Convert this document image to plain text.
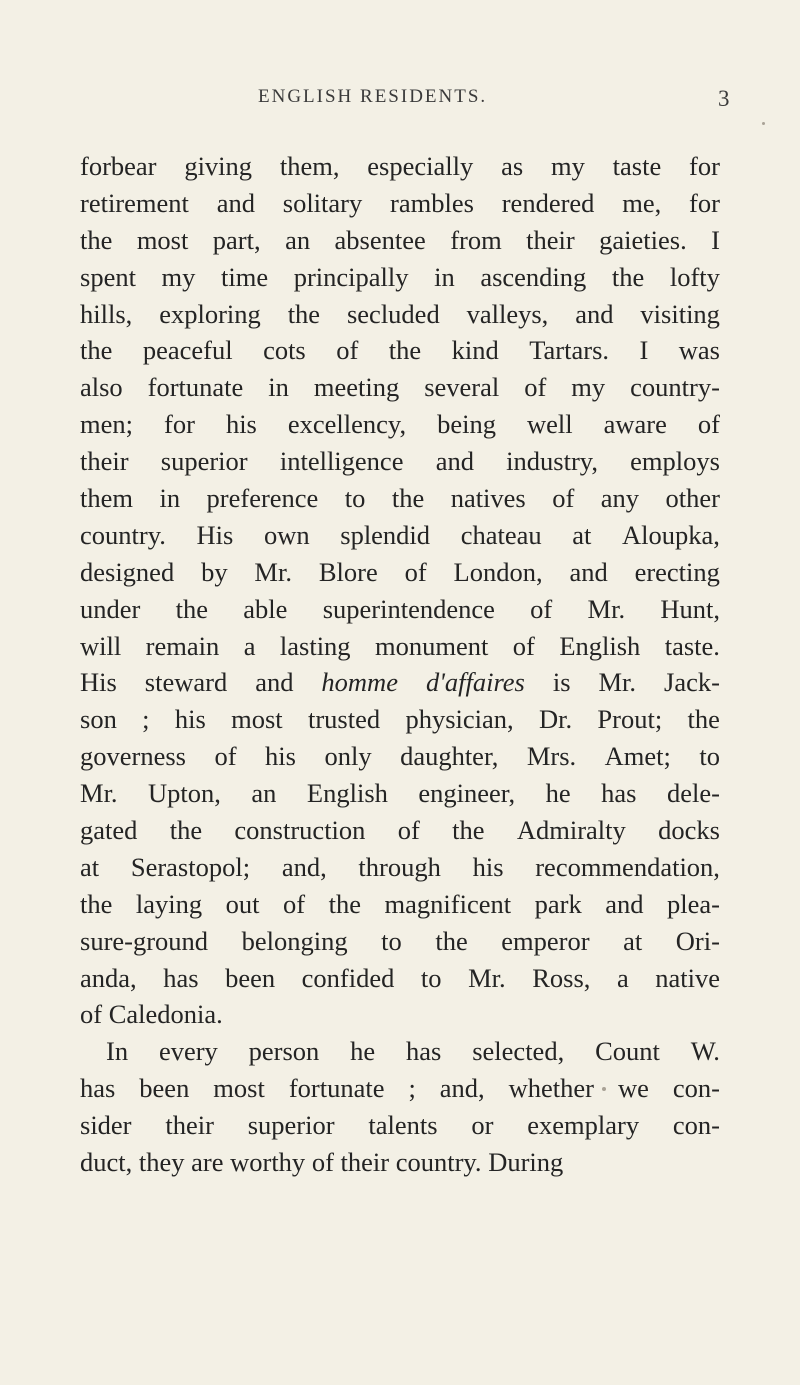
ENGLISH RESIDENTS.	3
forbear giving them, especially as my taste for
retirement and solitary rambles rendered me, for
the most part, an absentee from their gaieties. I
spent my time principally in ascending the lofty
hills, exploring the secluded valleys, and visiting
the peaceful cots of the kind Tartars. I was
also fortunate in meeting several of my country-
men; for his excellency, being well aware of
their superior intelligence and industry, employs
them in preference to the natives of any other
country. His own splendid chateau at Aloupka,
designed by Mr. Blore of London, and erecting
under the able superintendence of Mr. Hunt,
will remain a lasting monument of English taste.
His steward and homme d'affaires is Mr. Jack-
son ; his most trusted physician, Dr. Prout; the
governess of his only daughter, Mrs. Amet; to
Mr. Upton, an English engineer, he has dele-
gated the construction of the Admiralty docks
at Serastopol; and, through his recommendation,
the laying out of the magnificent park and plea-
sure-ground belonging to the emperor at Ori-
anda, has been confided to Mr. Ross, a native
of
Caledonia.
In every person he has selected, Count W.
has been most fortunate ; and, whether we con-
sider their superior talents or exemplary con-
duct,
they
are
worthy
of
their
country.
During
